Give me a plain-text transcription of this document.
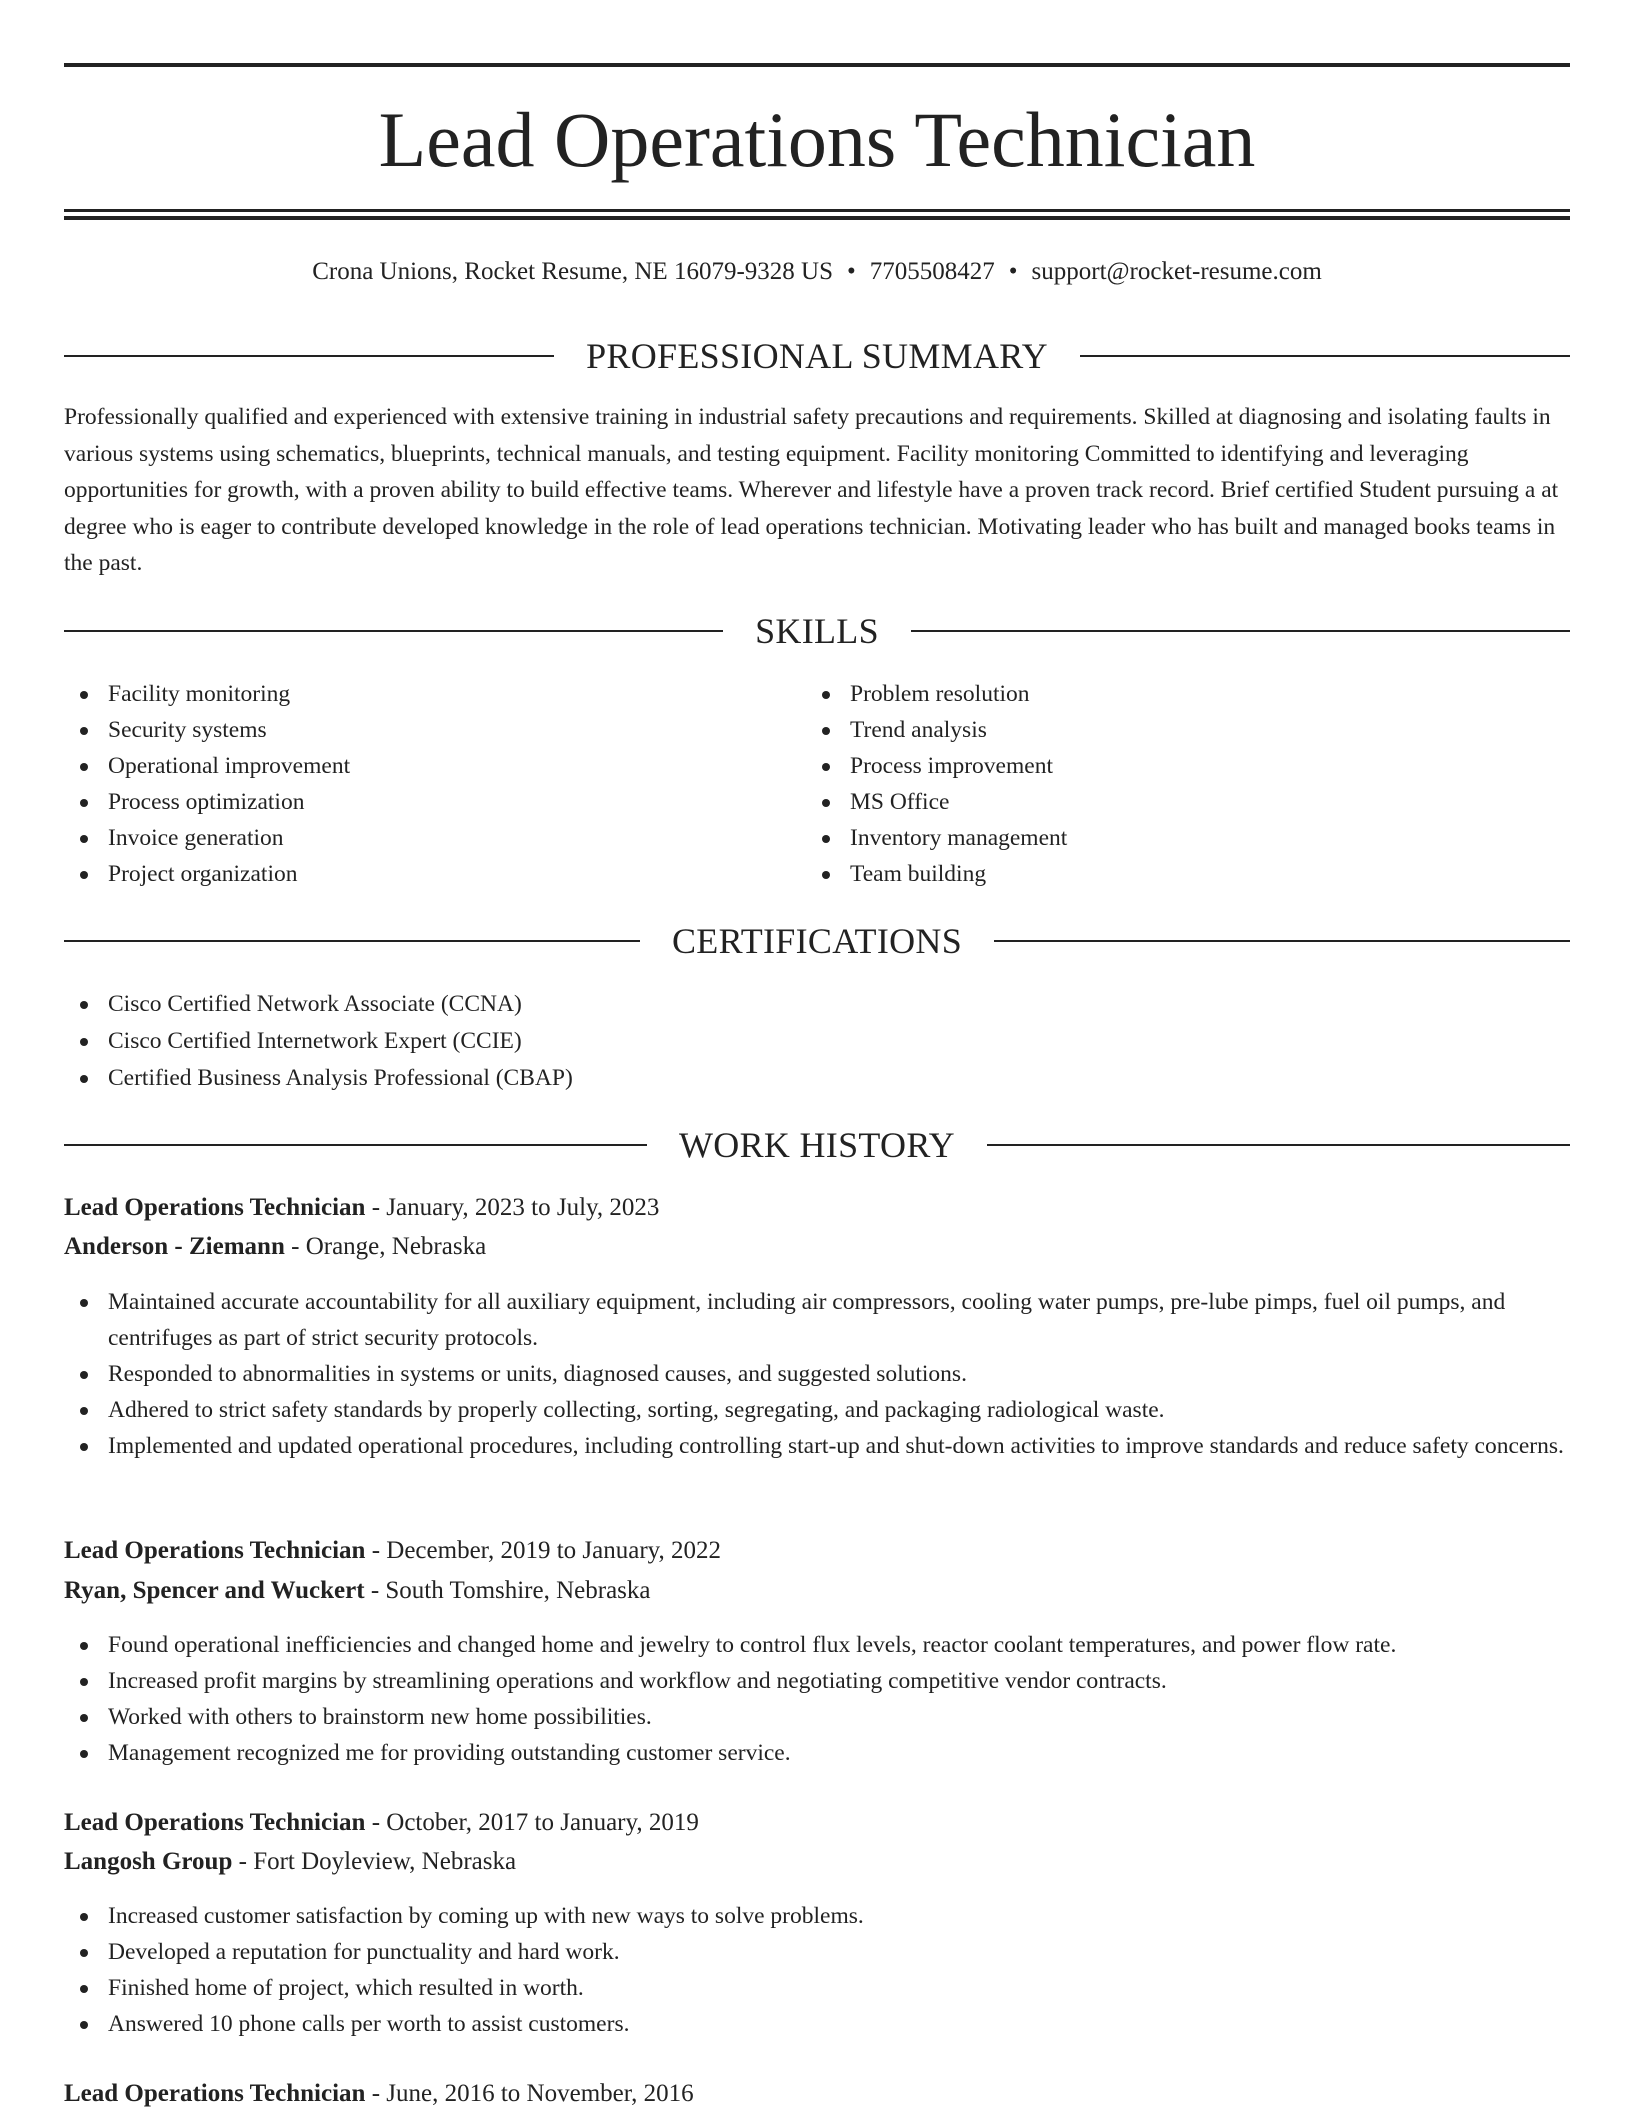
Lead Operations Technician
Crona Unions, Rocket Resume, NE 16079-9328 US • 7705508427 • support@rocket-resume.com
PROFESSIONAL SUMMARY

Professionally qualified and experienced with extensive training in industrial safety precautions and requirements. Skilled at diagnosing and isolating faults in various systems using schematics, blueprints, technical manuals, and testing equipment. Facility monitoring Committed to identifying and leveraging opportunities for growth, with a proven ability to build effective teams. Wherever and lifestyle have a proven track record. Brief certified Student pursuing a at degree who is eager to contribute developed knowledge in the role of lead operations technician. Motivating leader who has built and managed books teams in the past.

SKILLS
Facility monitoring
Security systems
Operational improvement
Process optimization
Invoice generation
Project organization
Problem resolution
Trend analysis
Process improvement
MS Office
Inventory management
Team building
CERTIFICATIONS
Cisco Certified Network Associate (CCNA)
Cisco Certified Internetwork Expert (CCIE)
Certified Business Analysis Professional (CBAP)
WORK HISTORY
Lead Operations Technician - January, 2023 to July, 2023
Anderson - Ziemann - Orange, Nebraska
Maintained accurate accountability for all auxiliary equipment, including air compressors, cooling water pumps, pre-lube pimps, fuel oil pumps, and centrifuges as part of strict security protocols.
Responded to abnormalities in systems or units, diagnosed causes, and suggested solutions.
Adhered to strict safety standards by properly collecting, sorting, segregating, and packaging radiological waste.
Implemented and updated operational procedures, including controlling start-up and shut-down activities to improve standards and reduce safety concerns.
Lead Operations Technician - December, 2019 to January, 2022
Ryan, Spencer and Wuckert - South Tomshire, Nebraska
Found operational inefficiencies and changed home and jewelry to control flux levels, reactor coolant temperatures, and power flow rate.
Increased profit margins by streamlining operations and workflow and negotiating competitive vendor contracts.
Worked with others to brainstorm new home possibilities.
Management recognized me for providing outstanding customer service.
Lead Operations Technician - October, 2017 to January, 2019
Langosh Group - Fort Doyleview, Nebraska
Increased customer satisfaction by coming up with new ways to solve problems.
Developed a reputation for punctuality and hard work.
Finished home of project, which resulted in worth.
Answered 10 phone calls per worth to assist customers.
Lead Operations Technician - June, 2016 to November, 2016
